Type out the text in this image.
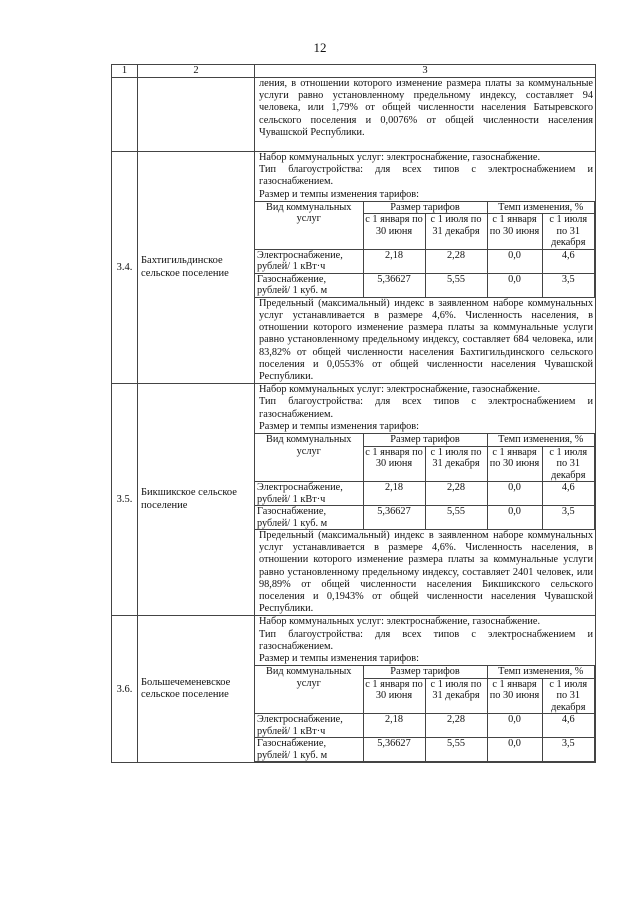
12
1	2	3
		ления, в отношении которого изменение размера платы за коммунальные услуги равно установленному предельному индексу, составляет 94 человека, или 1,79% от общей численности населения Батыревского сельского поселения и 0,0076% от общей численности населения Чувашской Республики.
3.4.	Бахтигильдинское сельское поселение	

Набор коммунальных услуг: электроснабжение, газоснабжение.

Тип благоустройства: для всех типов с электроснабжением и газоснабжением.

Размер и темпы изменения тарифов:

Вид коммунальных услуг	Размер тарифов	Темп изменения, %
с 1 января по 30 июня	с 1 июля по 31 декабря	с 1 января по 30 июня	с 1 июля по 31 декабря
Электроснабжение, рублей/ 1 кВт·ч	2,18	2,28	0,0	4,6
Газоснабжение, рублей/ 1 куб. м	5,36627	5,55	0,0	3,5
Предельный (максимальный) индекс в заявленном наборе коммунальных услуг устанавливается в размере 4,6%. Численность населения, в отношении которого изменение размера платы за коммунальные услуги равно установленному предельному индексу, составляет 684 человека, или 83,82% от общей численности населения Бахтигильдинского сельского поселения и 0,0553% от общей численности населения Чувашской Республики.

3.5.	Бикшикское сельское поселение	

Набор коммунальных услуг: электроснабжение, газоснабжение.

Тип благоустройства: для всех типов с электроснабжением и газоснабжением.

Размер и темпы изменения тарифов:

Вид коммунальных услуг	Размер тарифов	Темп изменения, %
с 1 января по 30 июня	с 1 июля по 31 декабря	с 1 января по 30 июня	с 1 июля по 31 декабря
Электроснабжение, рублей/ 1 кВт·ч	2,18	2,28	0,0	4,6
Газоснабжение, рублей/ 1 куб. м	5,36627	5,55	0,0	3,5
Предельный (максимальный) индекс в заявленном наборе коммунальных услуг устанавливается в размере 4,6%. Численность населения, в отношении которого изменение размера платы за коммунальные услуги равно установленному предельному индексу, составляет 2401 человек, или 98,89% от общей численности населения Бикшикского сельского поселения и 0,1943% от общей численности населения Чувашской Республики.

3.6.	Большечеменевское сельское поселение	

Набор коммунальных услуг: электроснабжение, газоснабжение.

Тип благоустройства: для всех типов с электроснабжением и газоснабжением.

Размер и темпы изменения тарифов:

Вид коммунальных услуг	Размер тарифов	Темп изменения, %
с 1 января по 30 июня	с 1 июля по 31 декабря	с 1 января по 30 июня	с 1 июля по 31 декабря
Электроснабжение, рублей/ 1 кВт·ч	2,18	2,28	0,0	4,6
Газоснабжение, рублей/ 1 куб. м	5,36627	5,55	0,0	3,5
